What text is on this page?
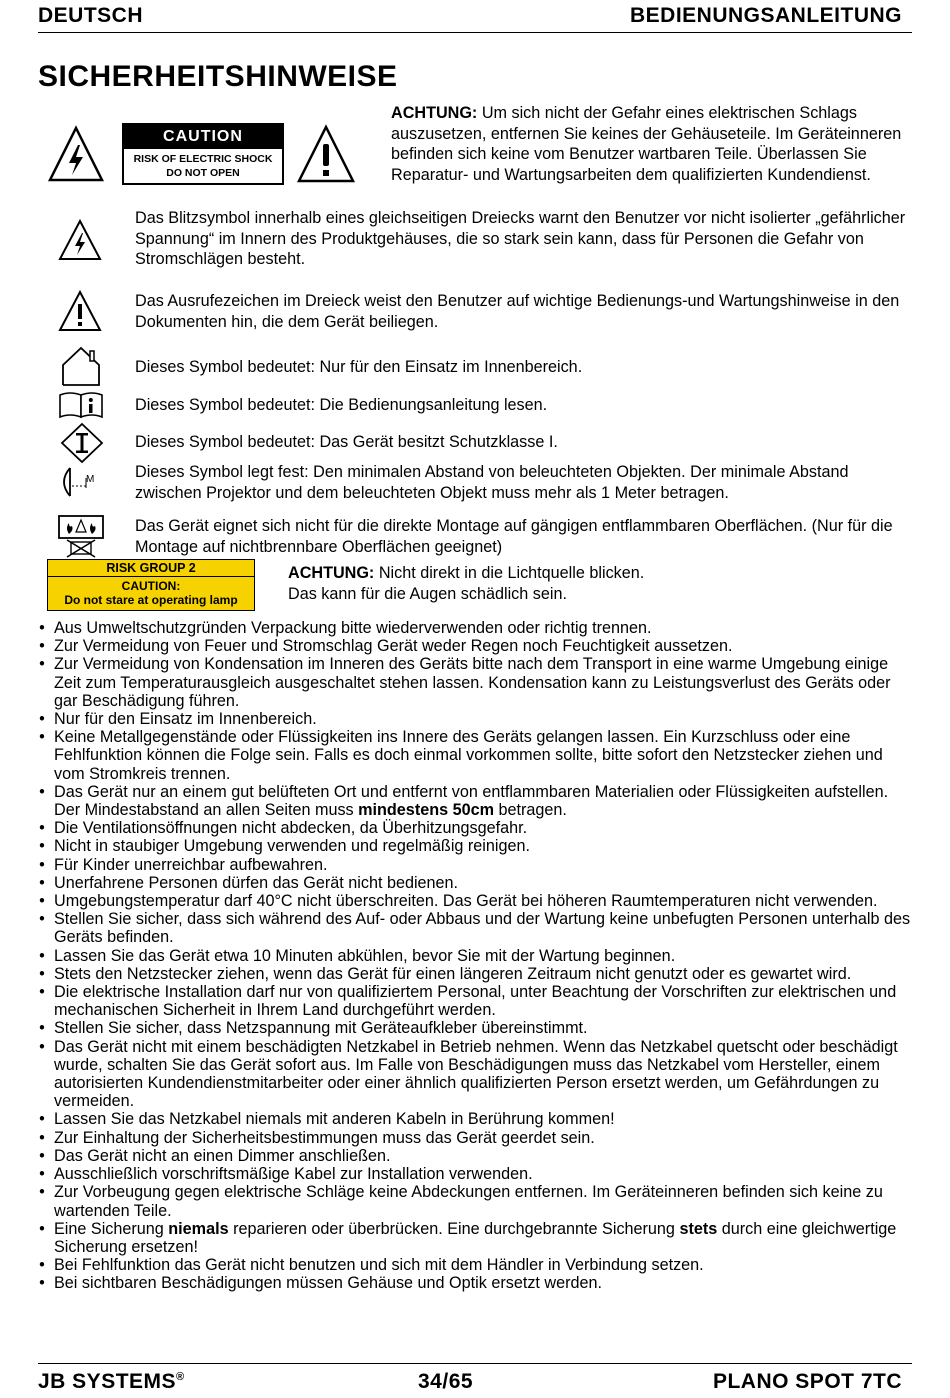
DEUTSCH	BEDIENUNGSANLEITUNG
SICHERHEITSHINWEISE
CAUTION
RISK OF ELECTRIC SHOCK
DO NOT OPEN
ACHTUNG: Um sich nicht der Gefahr eines elektrischen Schlags auszusetzen, entfernen Sie keines der Gehäuseteile. Im Geräteinneren befinden sich keine vom Benutzer wartbaren Teile. Überlassen Sie Reparatur- und Wartungsarbeiten dem qualifizierten Kundendienst.
Das Blitzsymbol innerhalb eines gleichseitigen Dreiecks warnt den Benutzer vor nicht isolierter „gefährlicher Spannung“ im Innern des Produktgehäuses, die so stark sein kann, dass für Personen die Gefahr von Stromschlägen besteht.
Das Ausrufezeichen im Dreieck weist den Benutzer auf wichtige Bedienungs-und Wartungshinweise in den Dokumenten hin, die dem Gerät beiliegen.
Dieses Symbol bedeutet: Nur für den Einsatz im Innenbereich.
Dieses Symbol bedeutet: Die Bedienungsanleitung lesen.
Dieses Symbol bedeutet: Das Gerät besitzt Schutzklasse I.
M	Dieses Symbol legt fest: Den minimalen Abstand von beleuchteten Objekten. Der minimale Abstand zwischen Projektor und dem beleuchteten Objekt muss mehr als 1 Meter betragen.
Das Gerät eignet sich nicht für die direkte Montage auf gängigen entflammbaren Oberflächen. (Nur für die Montage auf nichtbrennbare Oberflächen geeignet)
RISK GROUP 2
CAUTION:
Do not stare at operating lamp
ACHTUNG: Nicht direkt in die Lichtquelle blicken.
Das kann für die Augen schädlich sein.
• Aus Umweltschutzgründen Verpackung bitte wiederverwenden oder richtig trennen.
• Zur Vermeidung von Feuer und Stromschlag Gerät weder Regen noch Feuchtigkeit aussetzen.
• Zur Vermeidung von Kondensation im Inneren des Geräts bitte nach dem Transport in eine warme Umgebung einige Zeit zum Temperaturausgleich ausgeschaltet stehen lassen. Kondensation kann zu Leistungsverlust des Geräts oder gar Beschädigung führen.
• Nur für den Einsatz im Innenbereich.
• Keine Metallgegenstände oder Flüssigkeiten ins Innere des Geräts gelangen lassen. Ein Kurzschluss oder eine Fehlfunktion können die Folge sein. Falls es doch einmal vorkommen sollte, bitte sofort den Netzstecker ziehen und vom Stromkreis trennen.
• Das Gerät nur an einem gut belüfteten Ort und entfernt von entflammbaren Materialien oder Flüssigkeiten aufstellen. Der Mindestabstand an allen Seiten muss mindestens 50cm betragen.
• Die Ventilationsöffnungen nicht abdecken, da Überhitzungsgefahr.
• Nicht in staubiger Umgebung verwenden und regelmäßig reinigen.
• Für Kinder unerreichbar aufbewahren.
• Unerfahrene Personen dürfen das Gerät nicht bedienen.
• Umgebungstemperatur darf 40°C nicht überschreiten. Das Gerät bei höheren Raumtemperaturen nicht verwenden.
• Stellen Sie sicher, dass sich während des Auf- oder Abbaus und der Wartung keine unbefugten Personen unterhalb des Geräts befinden.
• Lassen Sie das Gerät etwa 10 Minuten abkühlen, bevor Sie mit der Wartung beginnen.
• Stets den Netzstecker ziehen, wenn das Gerät für einen längeren Zeitraum nicht genutzt oder es gewartet wird.
• Die elektrische Installation darf nur von qualifiziertem Personal, unter Beachtung der Vorschriften zur elektrischen und mechanischen Sicherheit in Ihrem Land durchgeführt werden.
• Stellen Sie sicher, dass Netzspannung mit Geräteaufkleber übereinstimmt.
• Das Gerät nicht mit einem beschädigten Netzkabel in Betrieb nehmen. Wenn das Netzkabel quetscht oder beschädigt wurde, schalten Sie das Gerät sofort aus. Im Falle von Beschädigungen muss das Netzkabel vom Hersteller, einem autorisierten Kundendienstmitarbeiter oder einer ähnlich qualifizierten Person ersetzt werden, um Gefährdungen zu vermeiden.
• Lassen Sie das Netzkabel niemals mit anderen Kabeln in Berührung kommen!
• Zur Einhaltung der Sicherheitsbestimmungen muss das Gerät geerdet sein.
• Das Gerät nicht an einen Dimmer anschließen.
• Ausschließlich vorschriftsmäßige Kabel zur Installation verwenden.
• Zur Vorbeugung gegen elektrische Schläge keine Abdeckungen entfernen. Im Geräteinneren befinden sich keine zu wartenden Teile.
• Eine Sicherung niemals reparieren oder überbrücken. Eine durchgebrannte Sicherung stets durch eine gleichwertige Sicherung ersetzen!
• Bei Fehlfunktion das Gerät nicht benutzen und sich mit dem Händler in Verbindung setzen.
• Bei sichtbaren Beschädigungen müssen Gehäuse und Optik ersetzt werden.
JB SYSTEMS®	34/65	PLANO SPOT 7TC
